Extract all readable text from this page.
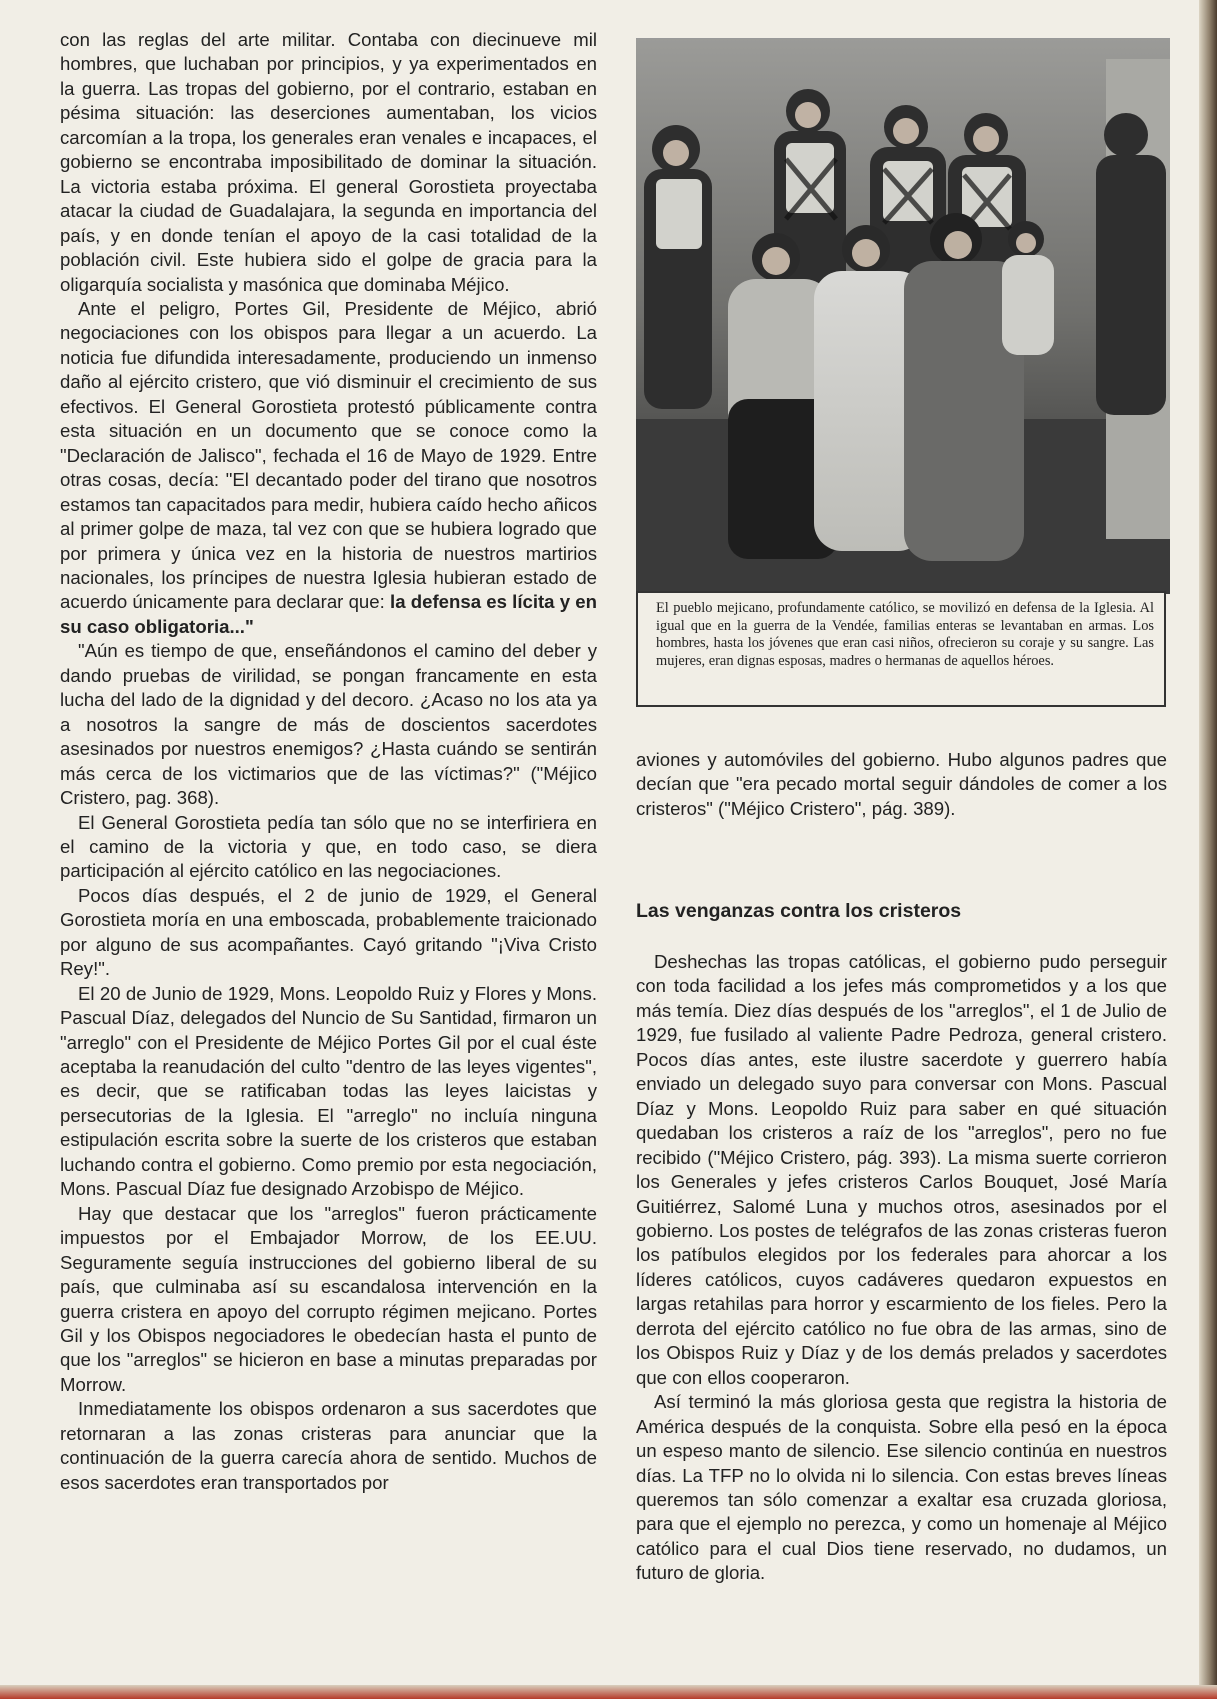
con las reglas del arte militar. Contaba con diecinueve mil hombres, que luchaban por principios, y ya experimentados en la guerra. Las tropas del gobierno, por el contrario, estaban en pésima situación: las deserciones aumentaban, los vicios carcomían a la tropa, los generales eran venales e incapaces, el gobierno se encontraba imposibilitado de dominar la situación. La victoria estaba próxima. El general Gorostieta proyectaba atacar la ciudad de Guadalajara, la segunda en importancia del país, y en donde tenían el apoyo de la casi totalidad de la población civil. Este hubiera sido el golpe de gracia para la oligarquía socialista y masónica que dominaba Méjico.

Ante el peligro, Portes Gil, Presidente de Méjico, abrió negociaciones con los obispos para llegar a un acuerdo. La noticia fue difundida interesadamente, produciendo un inmenso daño al ejército cristero, que vió disminuir el crecimiento de sus efectivos. El General Gorostieta protestó públicamente contra esta situación en un documento que se conoce como la "Declaración de Jalisco", fechada el 16 de Mayo de 1929. Entre otras cosas, decía: "El decantado poder del tirano que nosotros estamos tan capacitados para medir, hubiera caído hecho añicos al primer golpe de maza, tal vez con que se hubiera logrado que por primera y única vez en la historia de nuestros martirios nacionales, los príncipes de nuestra Iglesia hubieran estado de acuerdo únicamente para declarar que: la defensa es lícita y en su caso obligatoria..."

"Aún es tiempo de que, enseñándonos el camino del deber y dando pruebas de virilidad, se pongan francamente en esta lucha del lado de la dignidad y del decoro. ¿Acaso no los ata ya a nosotros la sangre de más de doscientos sacerdotes asesinados por nuestros enemigos? ¿Hasta cuándo se sentirán más cerca de los victimarios que de las víctimas?" ("Méjico Cristero, pag. 368).

El General Gorostieta pedía tan sólo que no se interfiriera en el camino de la victoria y que, en todo caso, se diera participación al ejército católico en las negociaciones.

Pocos días después, el 2 de junio de 1929, el General Gorostieta moría en una emboscada, probablemente traicionado por alguno de sus acompañantes. Cayó gritando "¡Viva Cristo Rey!".

El 20 de Junio de 1929, Mons. Leopoldo Ruiz y Flores y Mons. Pascual Díaz, delegados del Nuncio de Su Santidad, firmaron un "arreglo" con el Presidente de Méjico Portes Gil por el cual éste aceptaba la reanudación del culto "dentro de las leyes vigentes", es decir, que se ratificaban todas las leyes laicistas y persecutorias de la Iglesia. El "arreglo" no incluía ninguna estipulación escrita sobre la suerte de los cristeros que estaban luchando contra el gobierno. Como premio por esta negociación, Mons. Pascual Díaz fue designado Arzobispo de Méjico.

Hay que destacar que los "arreglos" fueron prácticamente impuestos por el Embajador Morrow, de los EE.UU. Seguramente seguía instrucciones del gobierno liberal de su país, que culminaba así su escandalosa intervención en la guerra cristera en apoyo del corrupto régimen mejicano. Portes Gil y los Obispos negociadores le obedecían hasta el punto de que los "arreglos" se hicieron en base a minutas preparadas por Morrow.

Inmediatamente los obispos ordenaron a sus sacerdotes que retornaran a las zonas cristeras para anunciar que la continuación de la guerra carecía ahora de sentido. Muchos de esos sacerdotes eran transportados por

El pueblo mejicano, profundamente católico, se movilizó en defensa de la Iglesia. Al igual que en la guerra de la Vendée, familias enteras se levantaban en armas. Los hombres, hasta los jóvenes que eran casi niños, ofrecieron su coraje y su sangre. Las mujeres, eran dignas esposas, madres o hermanas de aquellos héroes.

aviones y automóviles del gobierno. Hubo algunos padres que decían que "era pecado mortal seguir dándoles de comer a los cristeros" ("Méjico Cristero", pág. 389).

Las venganzas contra los cristeros

Deshechas las tropas católicas, el gobierno pudo perseguir con toda facilidad a los jefes más comprometidos y a los que más temía. Diez días después de los "arreglos", el 1 de Julio de 1929, fue fusilado al valiente Padre Pedroza, general cristero. Pocos días antes, este ilustre sacerdote y guerrero había enviado un delegado suyo para conversar con Mons. Pascual Díaz y Mons. Leopoldo Ruiz para saber en qué situación quedaban los cristeros a raíz de los "arreglos", pero no fue recibido ("Méjico Cristero, pág. 393). La misma suerte corrieron los Generales y jefes cristeros Carlos Bouquet, José María Guitiérrez, Salomé Luna y muchos otros, asesinados por el gobierno. Los postes de telégrafos de las zonas cristeras fueron los patíbulos elegidos por los federales para ahorcar a los líderes católicos, cuyos cadáveres quedaron expuestos en largas retahilas para horror y escarmiento de los fieles. Pero la derrota del ejército católico no fue obra de las armas, sino de los Obispos Ruiz y Díaz y de los demás prelados y sacerdotes que con ellos cooperaron.

Así terminó la más gloriosa gesta que registra la historia de América después de la conquista. Sobre ella pesó en la época un espeso manto de silencio. Ese silencio continúa en nuestros días. La TFP no lo olvida ni lo silencia. Con estas breves líneas queremos tan sólo comenzar a exaltar esa cruzada gloriosa, para que el ejemplo no perezca, y como un homenaje al Méjico católico para el cual Dios tiene reservado, no dudamos, un futuro de gloria.
